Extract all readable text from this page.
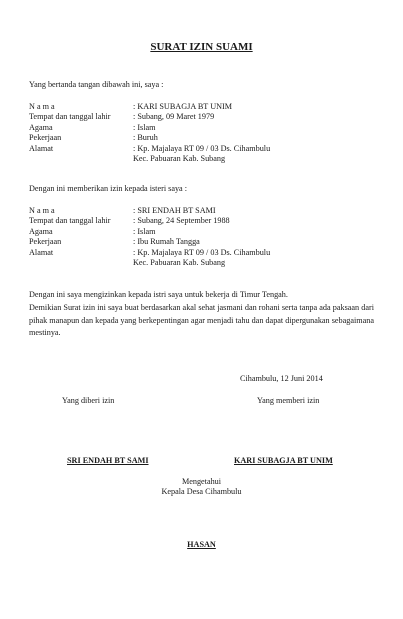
SURAT IZIN SUAMI
Yang bertanda tangan dibawah ini, saya :
N a m a	: KARI SUBAGJA BT UNIM
Tempat dan tanggal lahir	: Subang, 09 Maret 1979
Agama	: Islam
Pekerjaan	: Buruh
Alamat	: Kp. Majalaya RT 09 / 03 Ds. Cihambulu
Kec. Pabuaran Kab. Subang
Dengan ini memberikan izin kepada isteri saya :
N a m a	: SRI ENDAH BT SAMI
Tempat dan tanggal lahir	: Subang, 24 September 1988
Agama	: Islam
Pekerjaan	: Ibu Rumah Tangga
Alamat	: Kp. Majalaya RT 09 / 03 Ds. Cihambulu
Kec. Pabuaran Kab. Subang
Dengan ini saya mengizinkan kepada istri saya untuk bekerja di Timur Tengah.
Demikian Surat izin ini saya buat berdasarkan akal sehat jasmani dan rohani serta tanpa ada paksaan dari pihak manapun dan kepada yang berkepentingan agar menjadi tahu dan dapat dipergunakan sebagaimana mestinya.
Cihambulu, 12 Juni 2014
Yang diberi izin	Yang memberi izin
SRI ENDAH BT SAMI	KARI SUBAGJA BT UNIM
Mengetahui
Kepala Desa Cihambulu
HASAN
